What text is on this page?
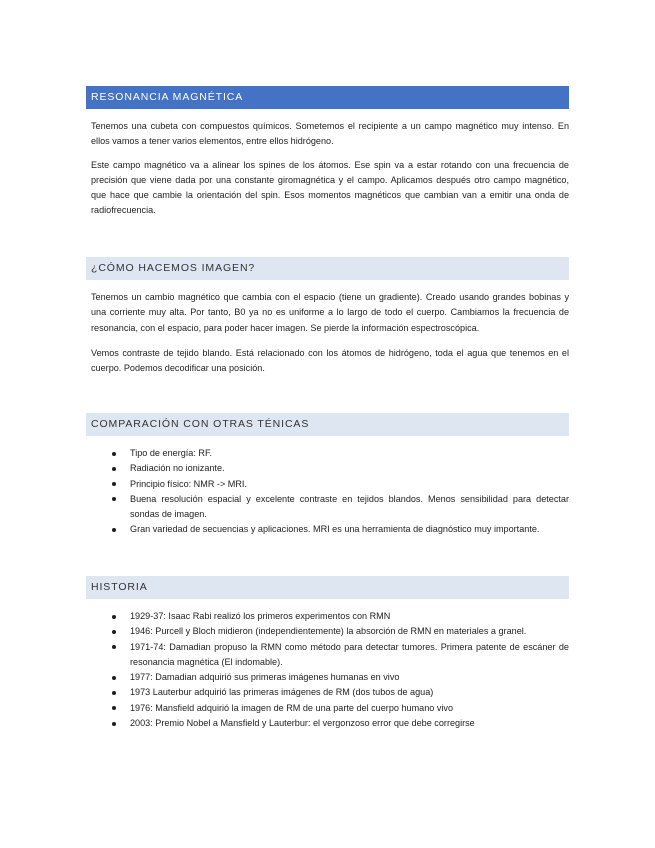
RESONANCIA MAGNÉTICA

Tenemos una cubeta con compuestos químicos. Sometemos el recipiente a un campo magnético muy intenso. En ellos vamos a tener varios elementos, entre ellos hidrógeno.

Este campo magnético va a alinear los spines de los átomos. Ese spin va a estar rotando con una frecuencia de precisión que viene dada por una constante giromagnética y el campo. Aplicamos después otro campo magnético, que hace que cambie la orientación del spin. Esos momentos magnéticos que cambian van a emitir una onda de radiofrecuencia.

¿CÓMO HACEMOS IMAGEN?

Tenemos un cambio magnético que cambia con el espacio (tiene un gradiente). Creado usando grandes bobinas y una corriente muy alta. Por tanto, B0 ya no es uniforme a lo largo de todo el cuerpo. Cambiamos la frecuencia de resonancia, con el espacio, para poder hacer imagen. Se pierde la información espectroscópica.

Vemos contraste de tejido blando. Está relacionado con los átomos de hidrógeno, toda el agua que tenemos en el cuerpo. Podemos decodificar una posición.

COMPARACIÓN CON OTRAS TÉNICAS
Tipo de energía: RF.
Radiación no ionizante.
Principio físico: NMR -> MRI.
Buena resolución espacial y excelente contraste en tejidos blandos. Menos sensibilidad para detectar sondas de imagen.
Gran variedad de secuencias y aplicaciones. MRI es una herramienta de diagnóstico muy importante.
HISTORIA
1929-37: Isaac Rabi realizó los primeros experimentos con RMN
1946: Purcell y Bloch midieron (independientemente) la absorción de RMN en materiales a granel.
1971-74: Damadian propuso la RMN como método para detectar tumores. Primera patente de escáner de resonancia magnética (El indomable).
1977: Damadian adquirió sus primeras imágenes humanas en vivo
1973 Lauterbur adquirió las primeras imágenes de RM (dos tubos de agua)
1976: Mansfield adquirió la imagen de RM de una parte del cuerpo humano vivo
2003: Premio Nobel a Mansfield y Lauterbur: el vergonzoso error que debe corregirse
